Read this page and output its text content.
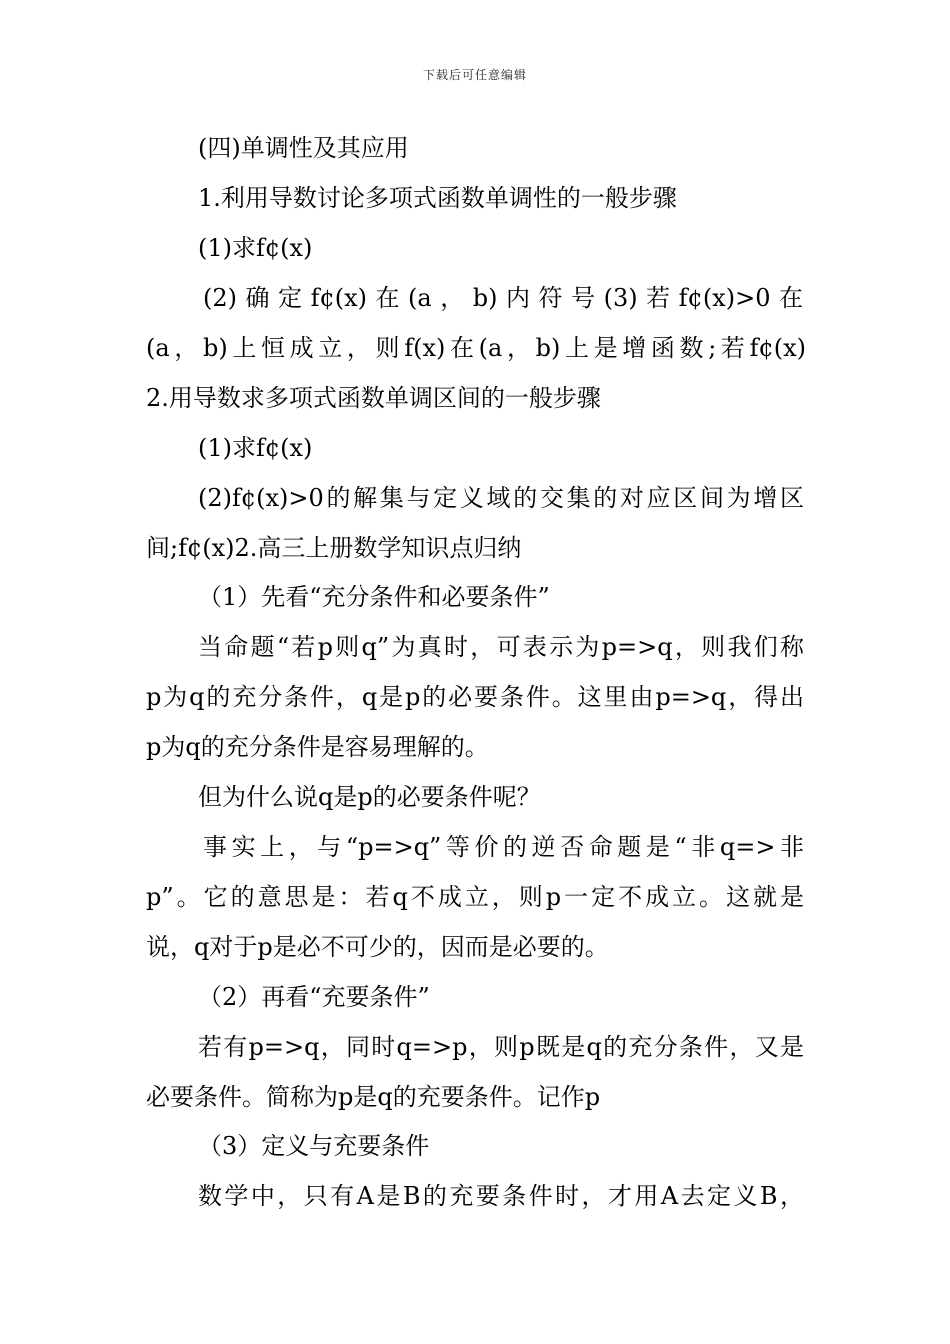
下载后可任意编辑
(四)单调性及其应用
1.利用导数讨论多项式函数单调性的一般步骤
(1)求f¢(x)
(2)确定f¢(x)在(a，b)内符号(3)若f¢(x)>0在
(a，b)上恒成立，则f(x)在(a，b)上是增函数;若f¢(x)
2.用导数求多项式函数单调区间的一般步骤
(1)求f¢(x)
(2)f¢(x)>0的解集与定义域的交集的对应区间为增区
间;f¢(x)2.高三上册数学知识点归纳
（1）先看“充分条件和必要条件”
当命题“若p则q”为真时，可表示为p=>q，则我们称
p为q的充分条件，q是p的必要条件。这里由p=>q，得出
p为q的充分条件是容易理解的。
但为什么说q是p的必要条件呢？
事实上，与“p=>q”等价的逆否命题是“非q=>非
p”。它的意思是：若q不成立，则p一定不成立。这就是
说，q对于p是必不可少的，因而是必要的。
（2）再看“充要条件”
若有p=>q，同时q=>p，则p既是q的充分条件，又是
必要条件。简称为p是q的充要条件。记作p
（3）定义与充要条件
数学中，只有A是B的充要条件时，才用A去定义B，
